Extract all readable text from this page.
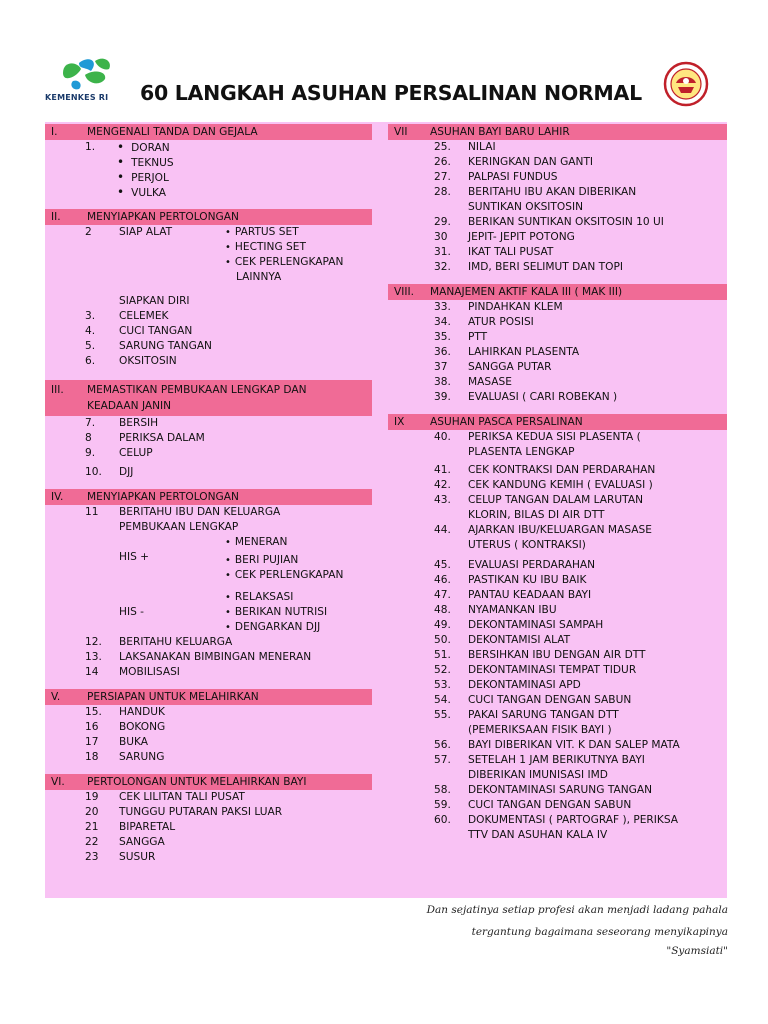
KEMENKES RI 60 LANGKAH ASUHAN PERSALINAN NORMAL
I.	MENGENALI TANDA DAN GEJALA
1.	• DORAN
• TEKNUS
• PERJOL
• VULKA
II.	MENYIAPKAN PERTOLONGAN
2	SIAP ALAT	• PARTUS SET
• HECTING SET
• CEK PERLENGKAPAN
LAINNYA
SIAPKAN DIRI
3. CELEMEK
4. CUCI TANGAN
5. SARUNG TANGAN
6. OKSITOSIN
III.	MEMASTIKAN PEMBUKAAN LENGKAP DAN
KEADAAN JANIN
7. BERSIH
8	PERIKSA DALAM
9. CELUP
10. DJJ
IV.	MENYIAPKAN PERTOLONGAN
11 BERITAHU IBU DAN KELUARGA
PEMBUKAAN LENGKAP
• MENERAN
HIS +	• BERI PUJIAN
• CEK PERLENGKAPAN
• RELAKSASI
HIS -	• BERIKAN NUTRISI
• DENGARKAN DJJ
12. BERITAHU KELUARGA
13. LAKSANAKAN BIMBINGAN MENERAN
14 MOBILISASI
V.	PERSIAPAN UNTUK MELAHIRKAN
15. HANDUK
16 BOKONG
17 BUKA
18 SARUNG
VI.	PERTOLONGAN UNTUK MELAHIRKAN BAYI
19 CEK LILITAN TALI PUSAT
20 TUNGGU PUTARAN PAKSI LUAR
21 BIPARETAL
22 SANGGA
23 SUSUR
VII	ASUHAN BAYI BARU LAHIR
25. NILAI
26. KERINGKAN DAN GANTI
27. PALPASI FUNDUS
28. BERITAHU IBU AKAN DIBERIKAN
SUNTIKAN OKSITOSIN
29. BERIKAN SUNTIKAN OKSITOSIN 10 UI
30 JEPIT- JEPIT POTONG
31. IKAT TALI PUSAT
32. IMD, BERI SELIMUT DAN TOPI
VIII.	MANAJEMEN AKTIF KALA III ( MAK III)
33. PINDAHKAN KLEM
34. ATUR POSISI
35. PTT
36. LAHIRKAN PLASENTA
37 SANGGA PUTAR
38. MASASE
39. EVALUASI ( CARI ROBEKAN )
IX	ASUHAN PASCA PERSALINAN
40. PERIKSA KEDUA SISI PLASENTA (
PLASENTA LENGKAP
41. CEK KONTRAKSI DAN PERDARAHAN
42. CEK KANDUNG KEMIH ( EVALUASI )
43. CELUP TANGAN DALAM LARUTAN
KLORIN, BILAS DI AIR DTT
44. AJARKAN IBU/KELUARGAN MASASE
UTERUS ( KONTRAKSI)
45. EVALUASI PERDARAHAN
46. PASTIKAN KU IBU BAIK
47. PANTAU KEADAAN BAYI
48. NYAMANKAN IBU
49. DEKONTAMINASI SAMPAH
50. DEKONTAMISI ALAT
51. BERSIHKAN IBU DENGAN AIR DTT
52. DEKONTAMINASI TEMPAT TIDUR
53. DEKONTAMINASI APD
54. CUCI TANGAN DENGAN SABUN
55. PAKAI SARUNG TANGAN DTT
(PEMERIKSAAN FISIK BAYI )
56. BAYI DIBERIKAN VIT. K DAN SALEP MATA
57. SETELAH 1 JAM BERIKUTNYA BAYI
DIBERIKAN IMUNISASI IMD
58. DEKONTAMINASI SARUNG TANGAN
59. CUCI TANGAN DENGAN SABUN
60. DOKUMENTASI ( PARTOGRAF ), PERIKSA
TTV DAN ASUHAN KALA IV
Dan sejatinya setiap profesi akan menjadi ladang pahala
tergantung bagaimana seseorang menyikapinya
"Syamsiati"
